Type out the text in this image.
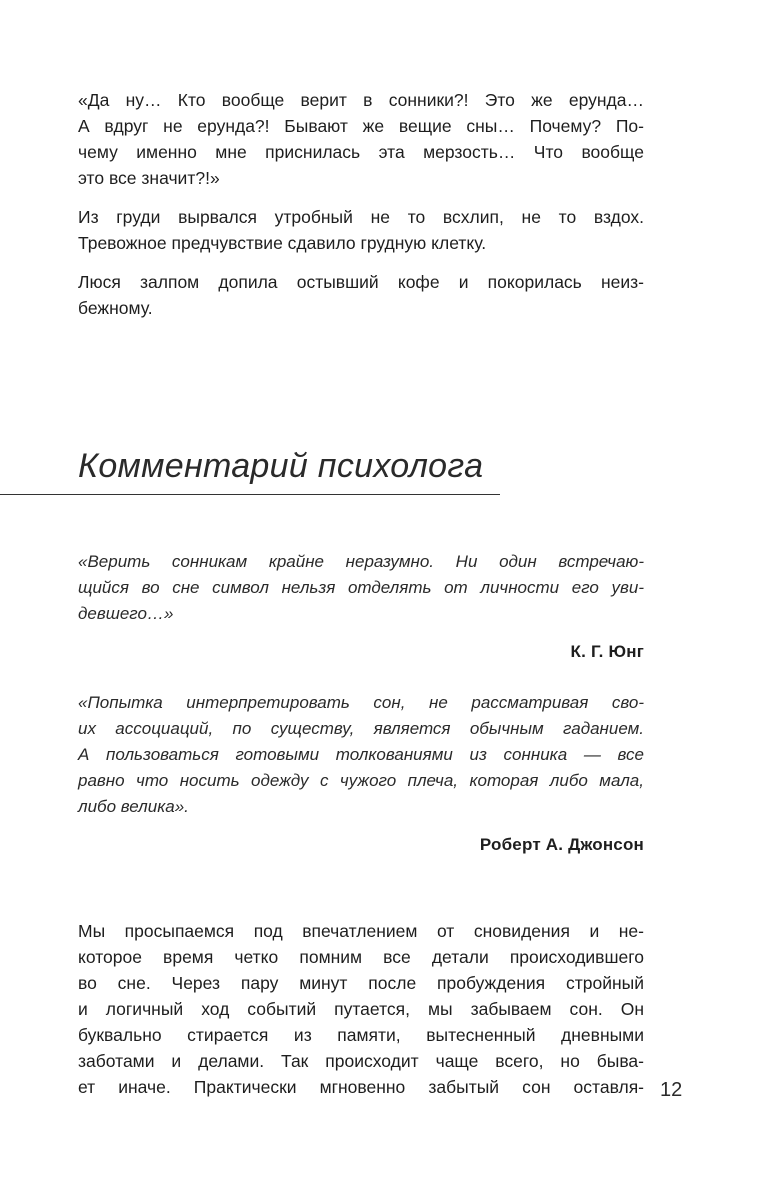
«Да ну… Кто вообще верит в сонники?! Это же ерунда…
А вдруг не ерунда?! Бывают же вещие сны… Почему? По-
чему именно мне приснилась эта мерзость… Что вообще
это все значит?!»
Из груди вырвался утробный не то всхлип, не то вздох.
Тревожное предчувствие сдавило грудную клетку.
Люся залпом допила остывший кофе и покорилась неиз-
бежному.
Комментарий психолога
«Верить сонникам крайне неразумно. Ни один встречаю-
щийся во сне символ нельзя отделять от личности его уви-
девшего…»
К. Г. Юнг
«Попытка интерпретировать сон, не рассматривая сво-
их ассоциаций, по существу, является обычным гаданием.
А пользоваться готовыми толкованиями из сонника — все
равно что носить одежду с чужого плеча, которая либо мала,
либо велика».
Роберт А. Джонсон
Мы просыпаемся под впечатлением от сновидения и не-
которое время четко помним все детали происходившего
во сне. Через пару минут после пробуждения стройный
и логичный ход событий путается, мы забываем сон. Он
буквально стирается из памяти, вытесненный дневными
заботами и делами. Так происходит чаще всего, но быва-
ет иначе. Практически мгновенно забытый сон оставля- 12
